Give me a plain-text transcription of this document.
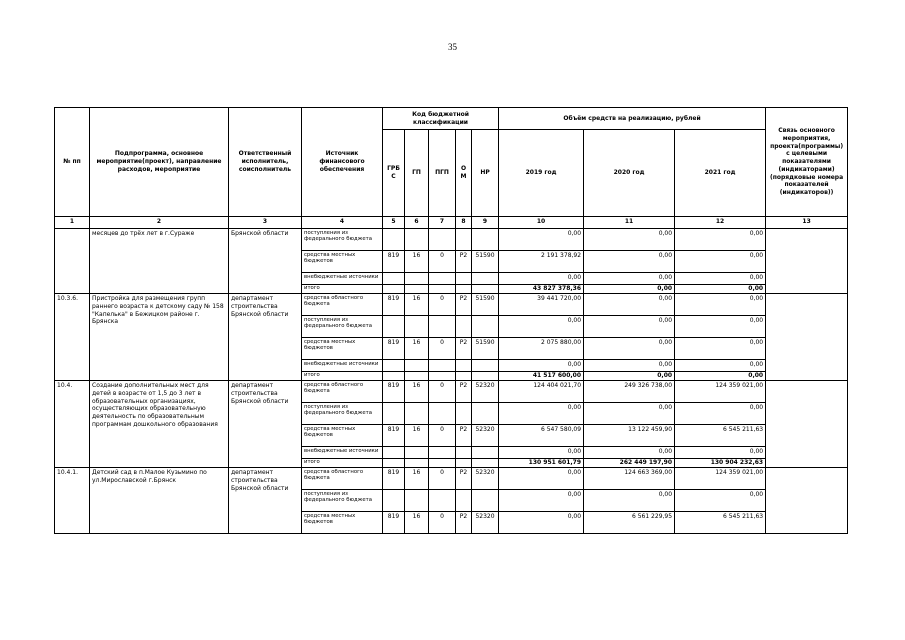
35
№ пп	Подпрограмма, основное мероприятие(проект), направление расходов, мероприятие	Ответственный исполнитель, соисполнитель	Источник финансового обеспечения	Код бюджетной классификации					Объём средств на реализацию, рублей			Связь основного мероприятия, проекта(программы) с целевыми показателями (индикаторами) (порядковые номера показателей (индикаторов))
				ГРБС	ГП	ПГП	ОМ	НР	2019 год	2020 год	2021 год	
1	2	3	4	5	6	7	8	9	10	11	12	13
	месяцев до трёх лет в г.Сураже	Брянской области	поступления из федерального бюджета						0,00	0,00	0,00	
			средства местных бюджетов	819	16	0	P2	51590	2 191 378,92	0,00	0,00	
			внебюджетные источники						0,00	0,00	0,00	
			итого						43 827 378,36	0,00	0,00	
10.3.6.	Пристройка для размещения групп раннего возраста к детскому саду № 158 "Капелька" в Бежицком районе г. Брянска	департамент строительства Брянской области	средства областного бюджета	819	16	0	P2	51590	39 441 720,00	0,00	0,00	
			поступления из федерального бюджета						0,00	0,00	0,00	
			средства местных бюджетов	819	16	0	P2	51590	2 075 880,00	0,00	0,00	
			внебюджетные источники						0,00	0,00	0,00	
			итого						41 517 600,00	0,00	0,00	
10.4.	Создание дополнительных мест для детей в возрасте от 1,5 до 3 лет в образовательных организациях, осуществляющих образовательную деятельность по образовательным программам дошкольного образования	департамент строительства Брянской области	средства областного бюджета	819	16	0	P2	52320	124 404 021,70	249 326 738,00	124 359 021,00	
			поступления из федерального бюджета						0,00	0,00	0,00	
			средства местных бюджетов	819	16	0	P2	52320	6 547 580,09	13 122 459,90	6 545 211,63	
			внебюджетные источники						0,00	0,00	0,00	
			итого						130 951 601,79	262 449 197,90	130 904 232,63	
10.4.1.	Детский сад в п.Малое Кузьмино по ул.Мирославской г.Брянск	департамент строительства Брянской области	средства областного бюджета	819	16	0	P2	52320	0,00	124 663 369,00	124 359 021,00	
			поступления из федерального бюджета						0,00	0,00	0,00	
			средства местных бюджетов	819	16	0	P2	52320	0,00	6 561 229,95	6 545 211,63	
